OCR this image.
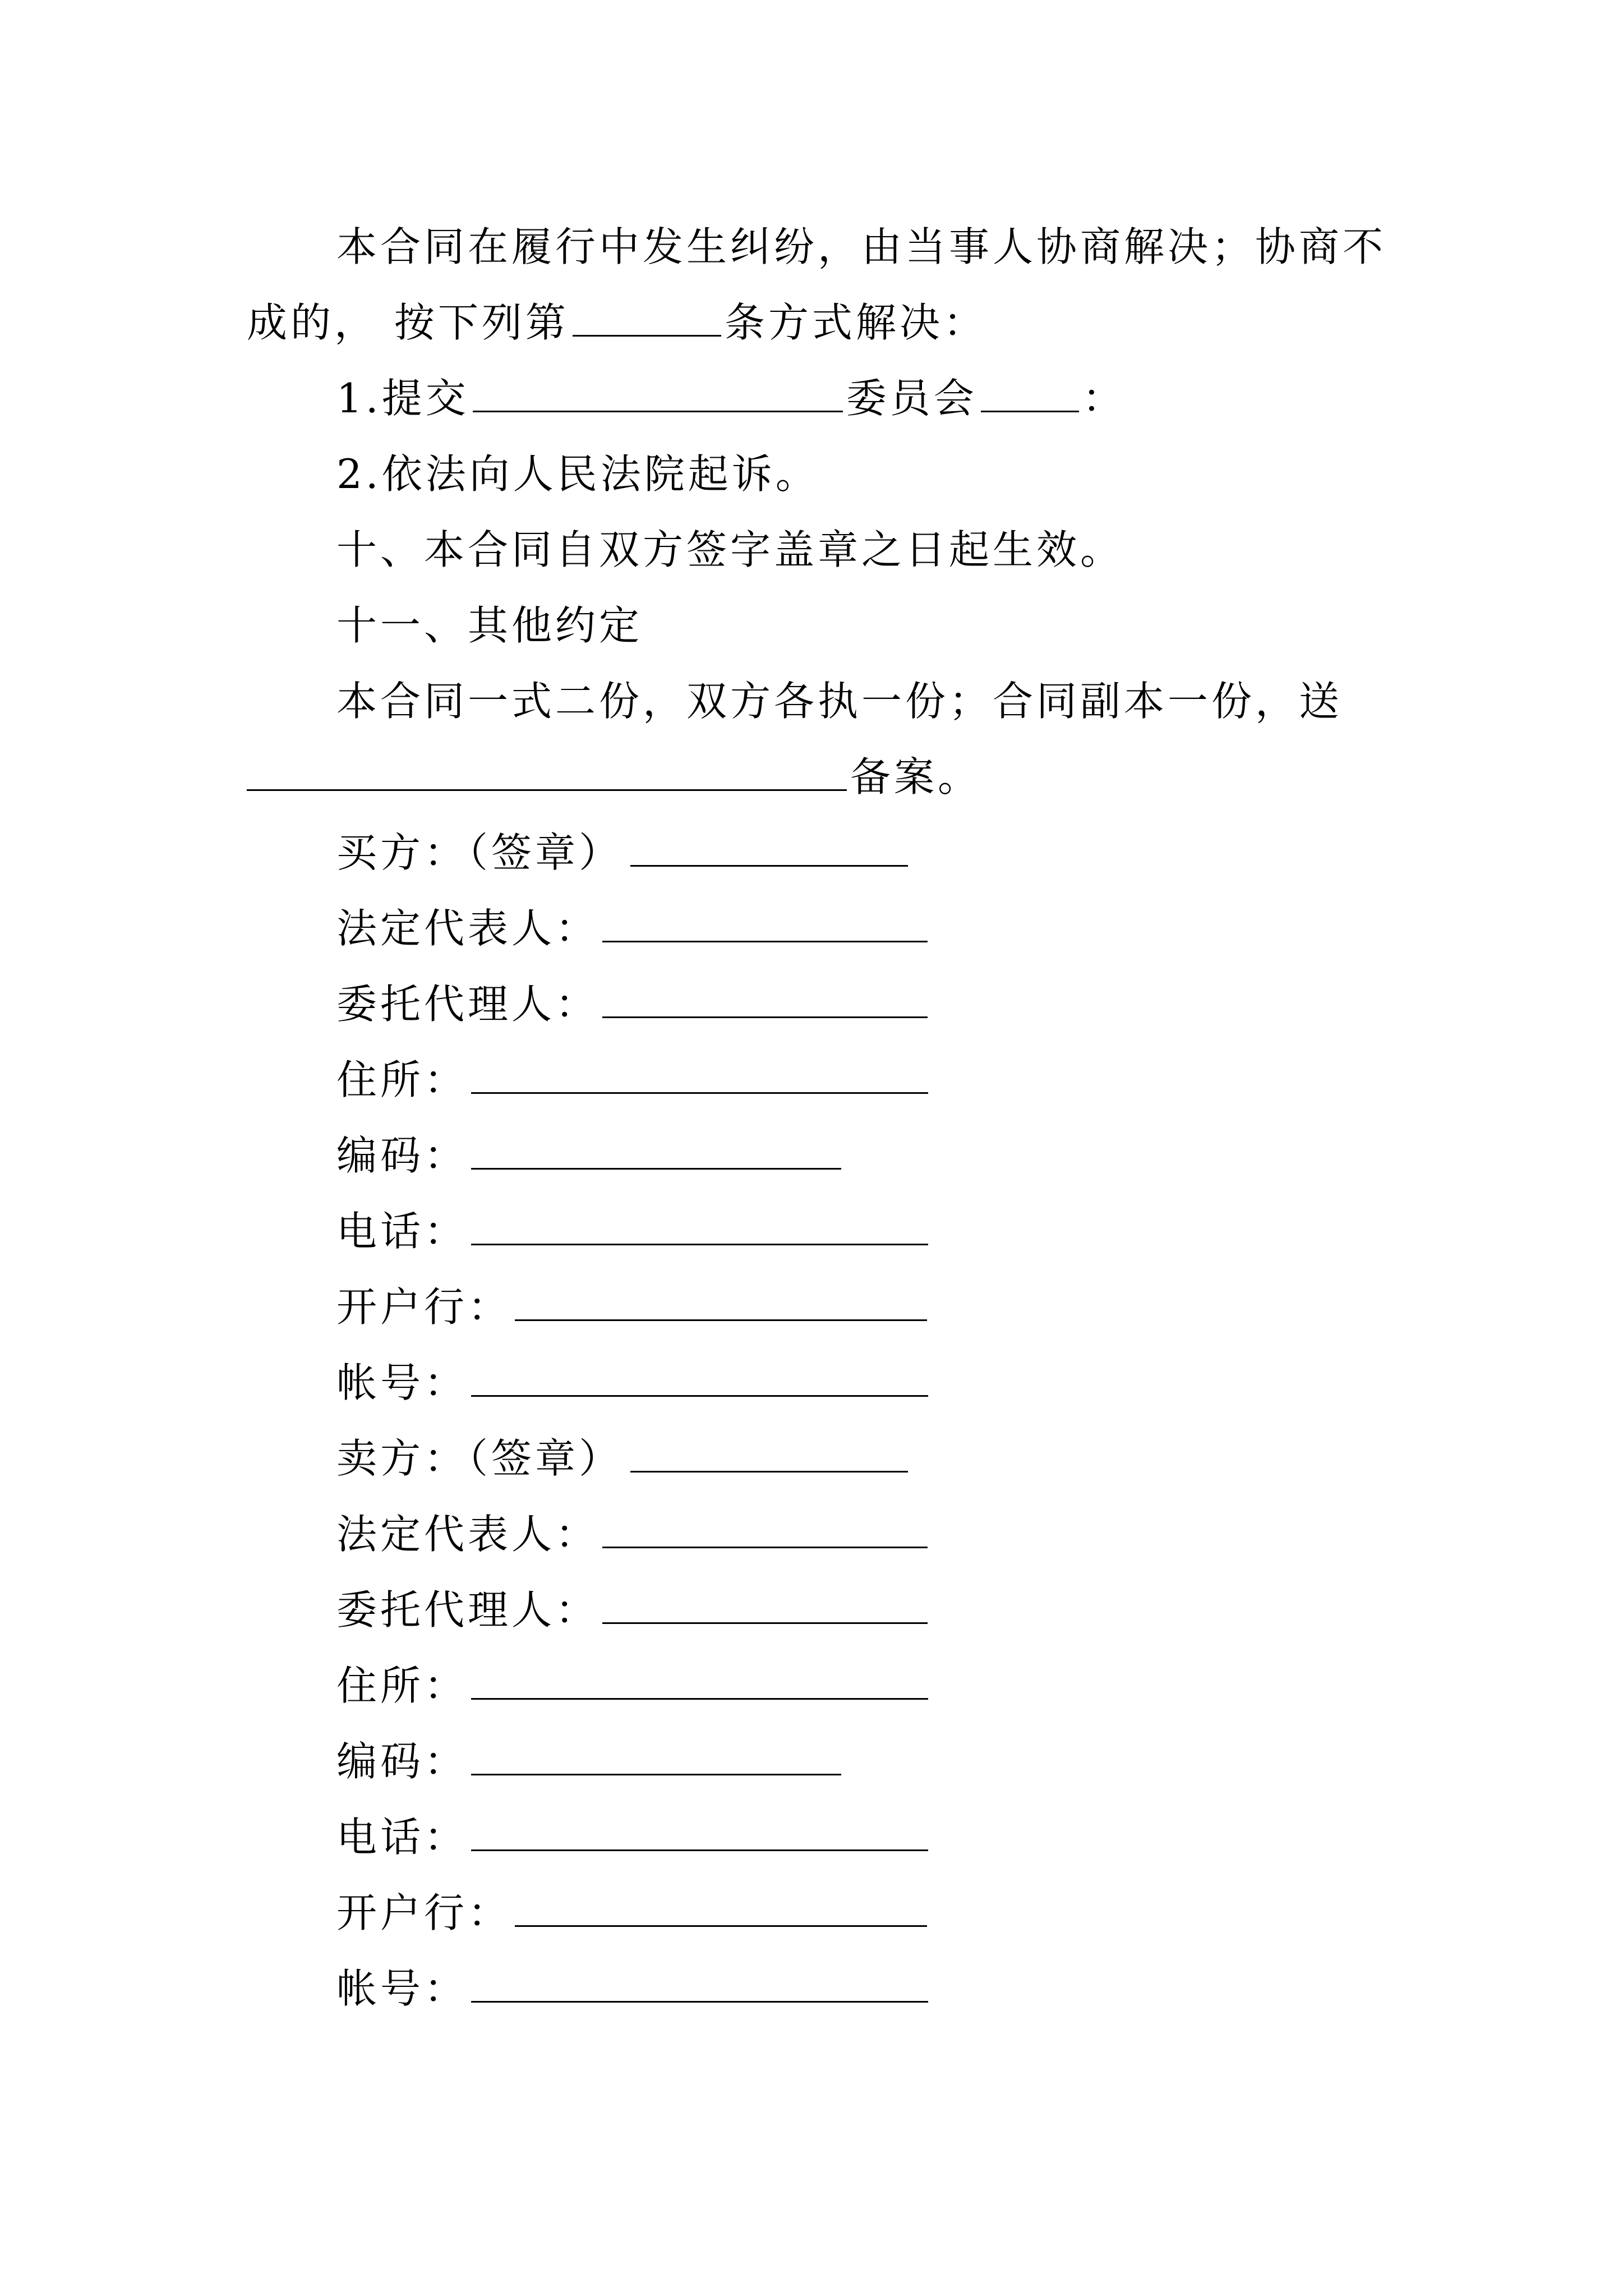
本合同在履行中发生纠纷，由当事人协商解决；协商不
成的， 按下列第	条方式解决：
1.提交	委员会	：
2.依法向人民法院起诉。
十、本合同自双方签字盖章之日起生效。
十一、其他约定
本合同一式二份，双方各执一份；合同副本一份，送
备案。
买方：（签章）
法定代表人：
委托代理人：
住所：
编码：
电话：
开户行：
帐号：
卖方：（签章）
法定代表人：
委托代理人：
住所：
编码：
电话：
开户行：
帐号：
